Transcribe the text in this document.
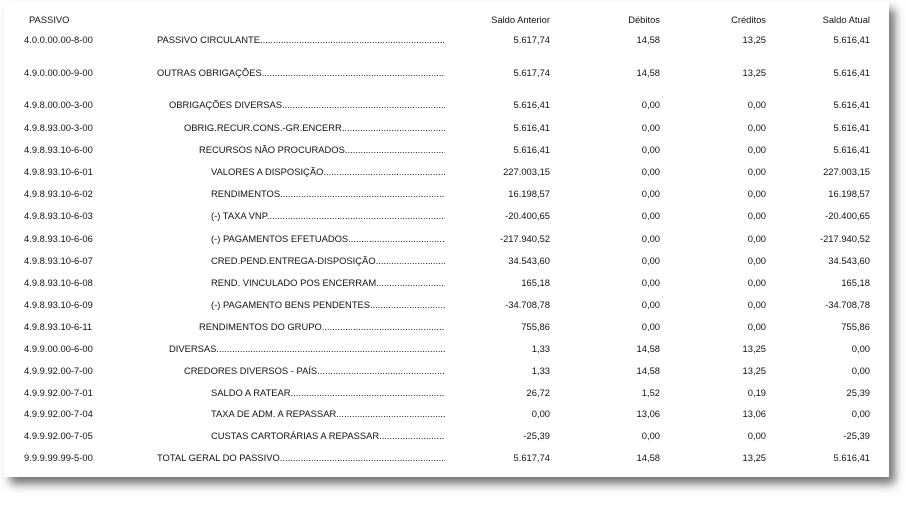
PASSIVO	Saldo Anterior	Débitos	Créditos	Saldo Atual
4.0.0.00.00-8-00	PASSIVO CIRCULANTE .....	5.617,74	14,58	13,25	5.616,41
4.9.0.00.00-9-00	OUTRAS OBRIGAÇÕES .....	5.617,74	14,58	13,25	5.616,41
4.9.8.00.00-3-00	OBRIGAÇÕES DIVERSAS .....	5.616,41	0,00	0,00	5.616,41
4.9.8.93.00-3-00	OBRIG.RECUR.CONS.-GR.ENCERR .....	5.616,41	0,00	0,00	5.616,41
4.9.8.93.10-6-00	RECURSOS NÃO PROCURADOS .....	5.616,41	0,00	0,00	5.616,41
4.9.8.93.10-6-01	VALORES A DISPOSIÇÃO .....	227.003,15	0,00	0,00	227.003,15
4.9.8.93.10-6-02	RENDIMENTOS .....	16.198,57	0,00	0,00	16.198,57
4.9.8.93.10-6-03	(-) TAXA VNP .....	-20.400,65	0,00	0,00	-20.400,65
4.9.8.93.10-6-06	(-) PAGAMENTOS EFETUADOS .....	-217.940,52	0,00	0,00	-217.940,52
4.9.8.93.10-6-07	CRED.PEND.ENTREGA-DISPOSIÇÃO .....	34.543,60	0,00	0,00	34.543,60
4.9.8.93.10-6-08	REND. VINCULADO POS ENCERRAM .....	165,18	0,00	0,00	165,18
4.9.8.93.10-6-09	(-) PAGAMENTO BENS PENDENTES .....	-34.708,78	0,00	0,00	-34.708,78
4.9.8.93.10-6-11	RENDIMENTOS DO GRUPO .....	755,86	0,00	0,00	755,86
4.9.9.00.00-6-00	DIVERSAS .....	1,33	14,58	13,25	0,00
4.9.9.92.00-7-00	CREDORES DIVERSOS - PAÍS .....	1,33	14,58	13,25	0,00
4.9.9.92.00-7-01	SALDO A RATEAR .....	26,72	1,52	0,19	25,39
4.9.9.92.00-7-04	TAXA DE ADM. A REPASSAR .....	0,00	13,06	13,06	0,00
4.9.9.92.00-7-05	CUSTAS CARTORÁRIAS A REPASSAR .....	-25,39	0,00	0,00	-25,39
9.9.9.99.99-5-00	TOTAL GERAL DO PASSIVO .....	5.617,74	14,58	13,25	5.616,41
